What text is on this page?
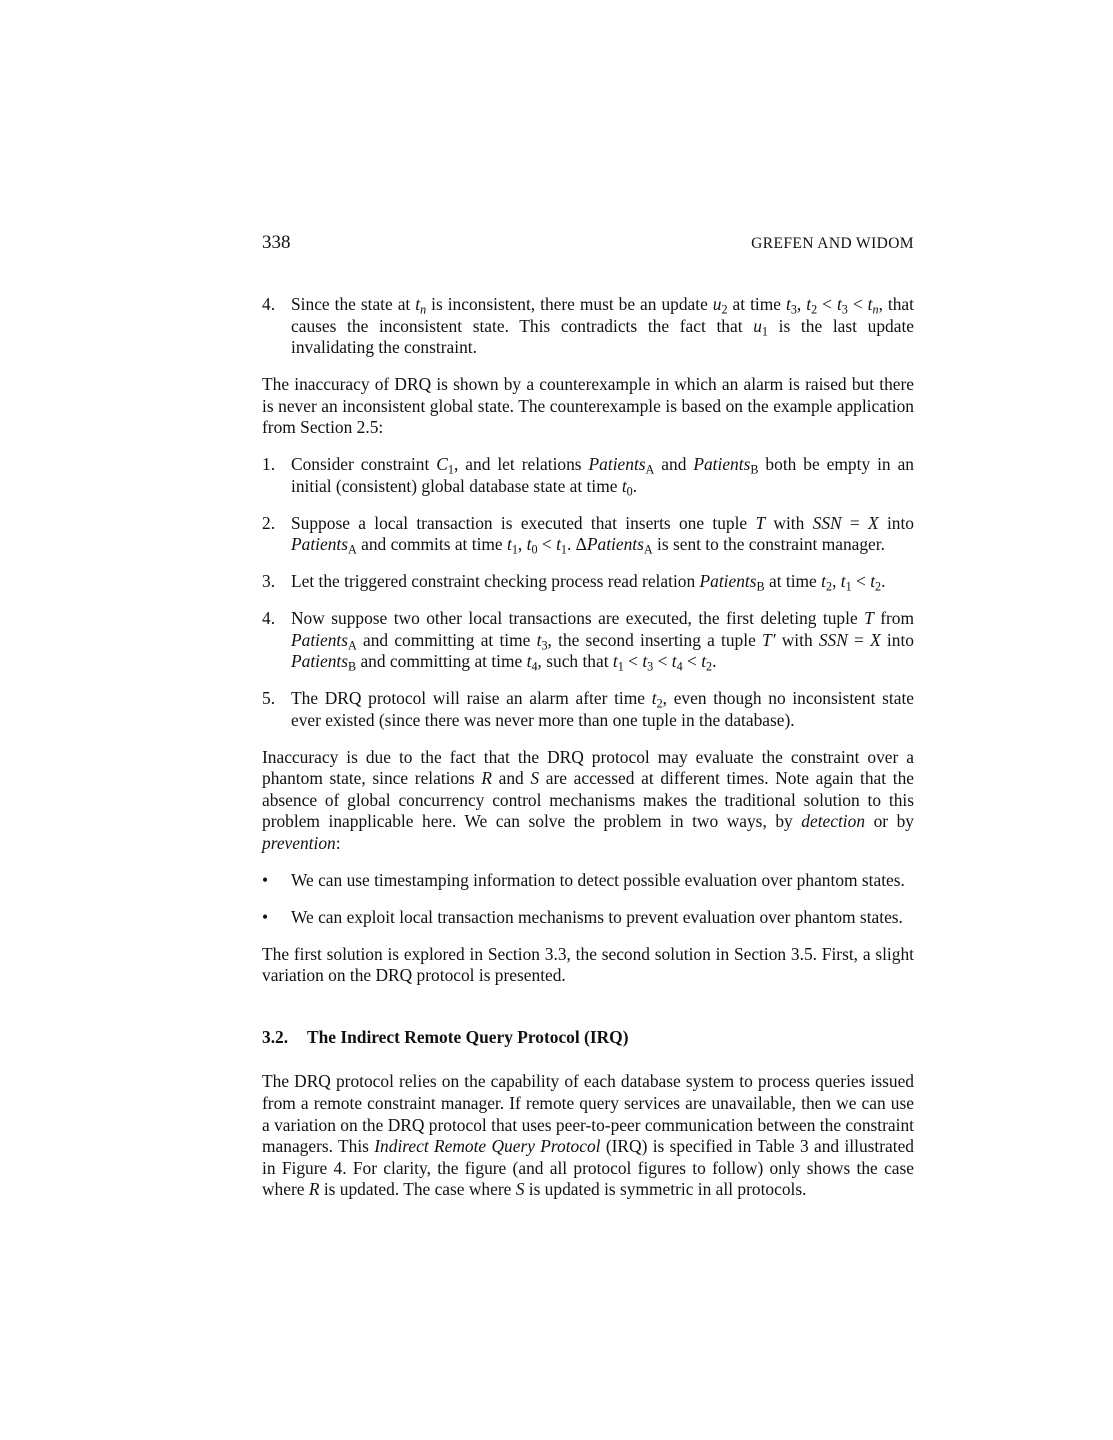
338	GREFEN AND WIDOM
4. Since the state at $t_n$ is inconsistent, there must be an update $u_2$ at time $t_3$, $t_2 < t_3 < t_n$, that causes the inconsistent state. This contradicts the fact that $u_1$ is the last update invalidating the constraint.

The inaccuracy of DRQ is shown by a counterexample in which an alarm is raised but there is never an inconsistent global state. The counterexample is based on the example application from Section 2.5:

1. Consider constraint $C_1$, and let relations Patients$_A$ and Patients$_B$ both be empty in an initial (consistent) global database state at time $t_0$.
2. Suppose a local transaction is executed that inserts one tuple T with SSN = X into Patients$_A$ and commits at time $t_1$, $t_0 < t_1$. ΔPatients$_A$ is sent to the constraint manager.
3. Let the triggered constraint checking process read relation Patients$_B$ at time $t_2$, $t_1 < t_2$.
4. Now suppose two other local transactions are executed, the first deleting tuple T from Patients$_A$ and committing at time $t_3$, the second inserting a tuple T′ with SSN = X into Patients$_B$ and committing at time $t_4$, such that $t_1 < t_3 < t_4 < t_2$.
5. The DRQ protocol will raise an alarm after time $t_2$, even though no inconsistent state ever existed (since there was never more than one tuple in the database).

Inaccuracy is due to the fact that the DRQ protocol may evaluate the constraint over a phantom state, since relations R and S are accessed at different times. Note again that the absence of global concurrency control mechanisms makes the traditional solution to this problem inapplicable here. We can solve the problem in two ways, by detection or by prevention:

•	We can use timestamping information to detect possible evaluation over phantom states.
•	We can exploit local transaction mechanisms to prevent evaluation over phantom states.

The first solution is explored in Section 3.3, the second solution in Section 3.5. First, a slight variation on the DRQ protocol is presented.

3.2. The Indirect Remote Query Protocol (IRQ)

The DRQ protocol relies on the capability of each database system to process queries issued from a remote constraint manager. If remote query services are unavailable, then we can use a variation on the DRQ protocol that uses peer-to-peer communication between the constraint managers. This Indirect Remote Query Protocol (IRQ) is specified in Table 3 and illustrated in Figure 4. For clarity, the figure (and all protocol figures to follow) only shows the case where R is updated. The case where S is updated is symmetric in all protocols.
